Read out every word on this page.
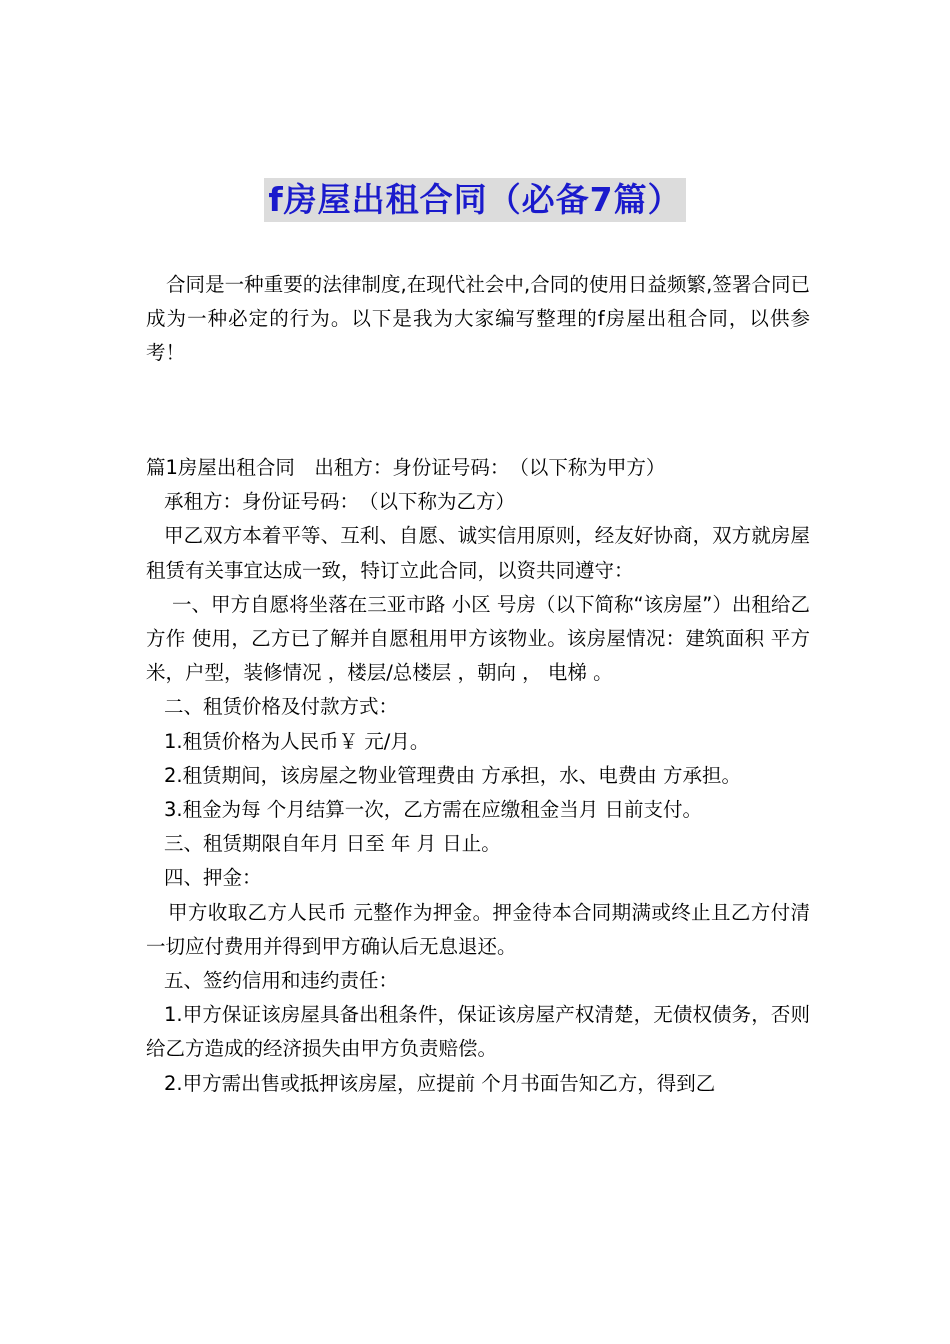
f房屋出租合同（必备7篇）

合同是一种重要的法律制度,在现代社会中,合同的使用日益频繁,签署合同已成为一种必定的行为。以下是我为大家编写整理的f房屋出租合同，以供参考！

篇1房屋出租合同　出租方：身份证号码：　（以下称为甲方）

承租方：身份证号码：　（以下称为乙方）

甲乙双方本着平等、互利、自愿、诚实信用原则，经友好协商，双方就房屋租赁有关事宜达成一致，特订立此合同，以资共同遵守：

一、甲方自愿将坐落在三亚市路 小区 号房（以下简称“该房屋”）出租给乙方作 使用，乙方已了解并自愿租用甲方该物业。该房屋情况：建筑面积 平方米，户型，装修情况 ，楼层/总楼层 ，朝向 ， 电梯 。

二、租赁价格及付款方式：

1.租赁价格为人民币￥ 元/月。

2.租赁期间，该房屋之物业管理费由 方承担，水、电费由 方承担。

3.租金为每 个月结算一次，乙方需在应缴租金当月 日前支付。

三、租赁期限自年月 日至 年 月 日止。

四、押金：

甲方收取乙方人民币 元整作为押金。押金待本合同期满或终止且乙方付清一切应付费用并得到甲方确认后无息退还。

五、签约信用和违约责任：

1.甲方保证该房屋具备出租条件，保证该房屋产权清楚，无债权债务，否则给乙方造成的经济损失由甲方负责赔偿。

2.甲方需出售或抵押该房屋，应提前 个月书面告知乙方，得到乙
